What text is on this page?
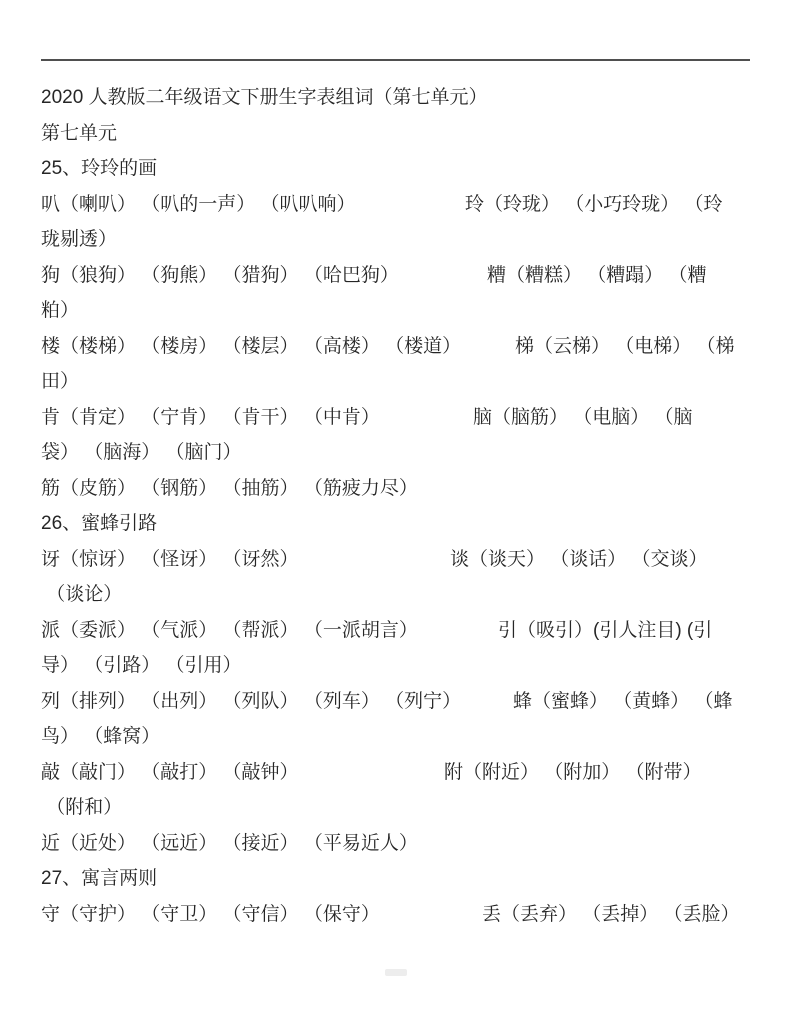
2020 人教版二年级语文下册生字表组词（第七单元）
第七单元
25、玲玲的画
叭（喇叭） （叭的一声） （叭叭响）	玲（玲珑） （小巧玲珑） （玲
珑剔透）
狗（狼狗） （狗熊） （猎狗） （哈巴狗）	糟（糟糕） （糟蹋） （糟
粕）
楼（楼梯） （楼房） （楼层） （高楼） （楼道）	梯（云梯） （电梯） （梯
田）
肯（肯定） （宁肯） （肯干） （中肯）	脑（脑筋） （电脑） （脑
袋） （脑海） （脑门）
筋（皮筋） （钢筋） （抽筋） （筋疲力尽）
26、蜜蜂引路
讶（惊讶） （怪讶） （讶然）	谈（谈天） （谈话） （交谈）
（谈论）
派（委派） （气派） （帮派） （一派胡言）	引（吸引）(引人注目) (引
导） （引路） （引用）
列（排列） （出列） （列队） （列车） （列宁）	蜂（蜜蜂） （黄蜂） （蜂
鸟） （蜂窝）
敲（敲门） （敲打） （敲钟）	附（附近） （附加） （附带）
（附和）
近（近处） （远近） （接近） （平易近人）
27、寓言两则
守（守护） （守卫） （守信） （保守）	丢（丢弃） （丢掉） （丢脸）
